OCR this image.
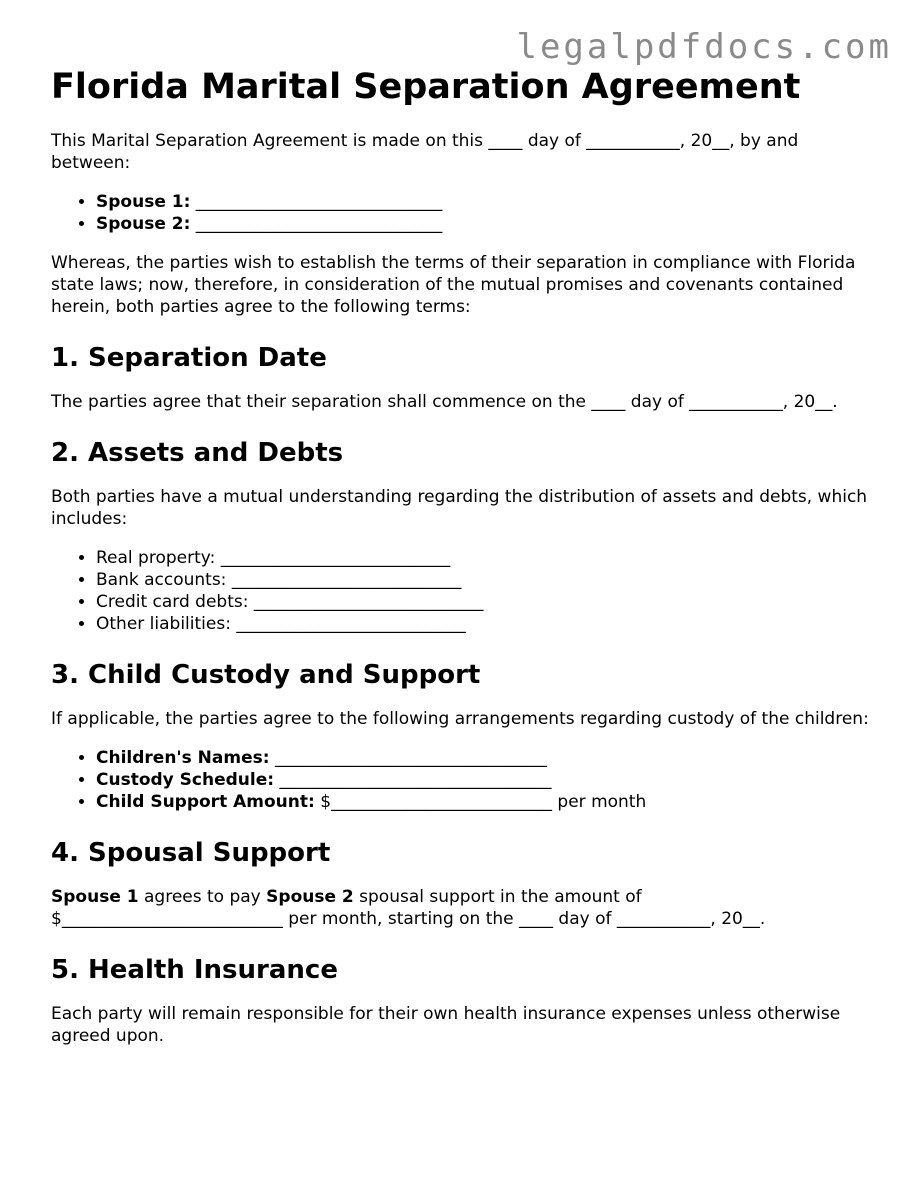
legalpdfdocs.com
Florida Marital Separation Agreement

This Marital Separation Agreement is made on this ____ day of ___________, 20__, by and between:

• Spouse 1: _____________________________
• Spouse 2: _____________________________

Whereas, the parties wish to establish the terms of their separation in compliance with Florida state laws; now, therefore, in consideration of the mutual promises and covenants contained herein, both parties agree to the following terms:

1. Separation Date

The parties agree that their separation shall commence on the ____ day of ___________, 20__.

2. Assets and Debts

Both parties have a mutual understanding regarding the distribution of assets and debts, which includes:

• Real property: ___________________________
• Bank accounts: ___________________________
• Credit card debts: ___________________________
• Other liabilities: ___________________________
3. Child Custody and Support

If applicable, the parties agree to the following arrangements regarding custody of the children:

• Children's Names: ________________________________
• Custody Schedule: ________________________________
• Child Support Amount: $__________________________ per month
4. Spousal Support

Spouse 1 agrees to pay Spouse 2 spousal support in the amount of $__________________________ per month, starting on the ____ day of ___________, 20__.

5. Health Insurance

Each party will remain responsible for their own health insurance expenses unless otherwise agreed upon.
